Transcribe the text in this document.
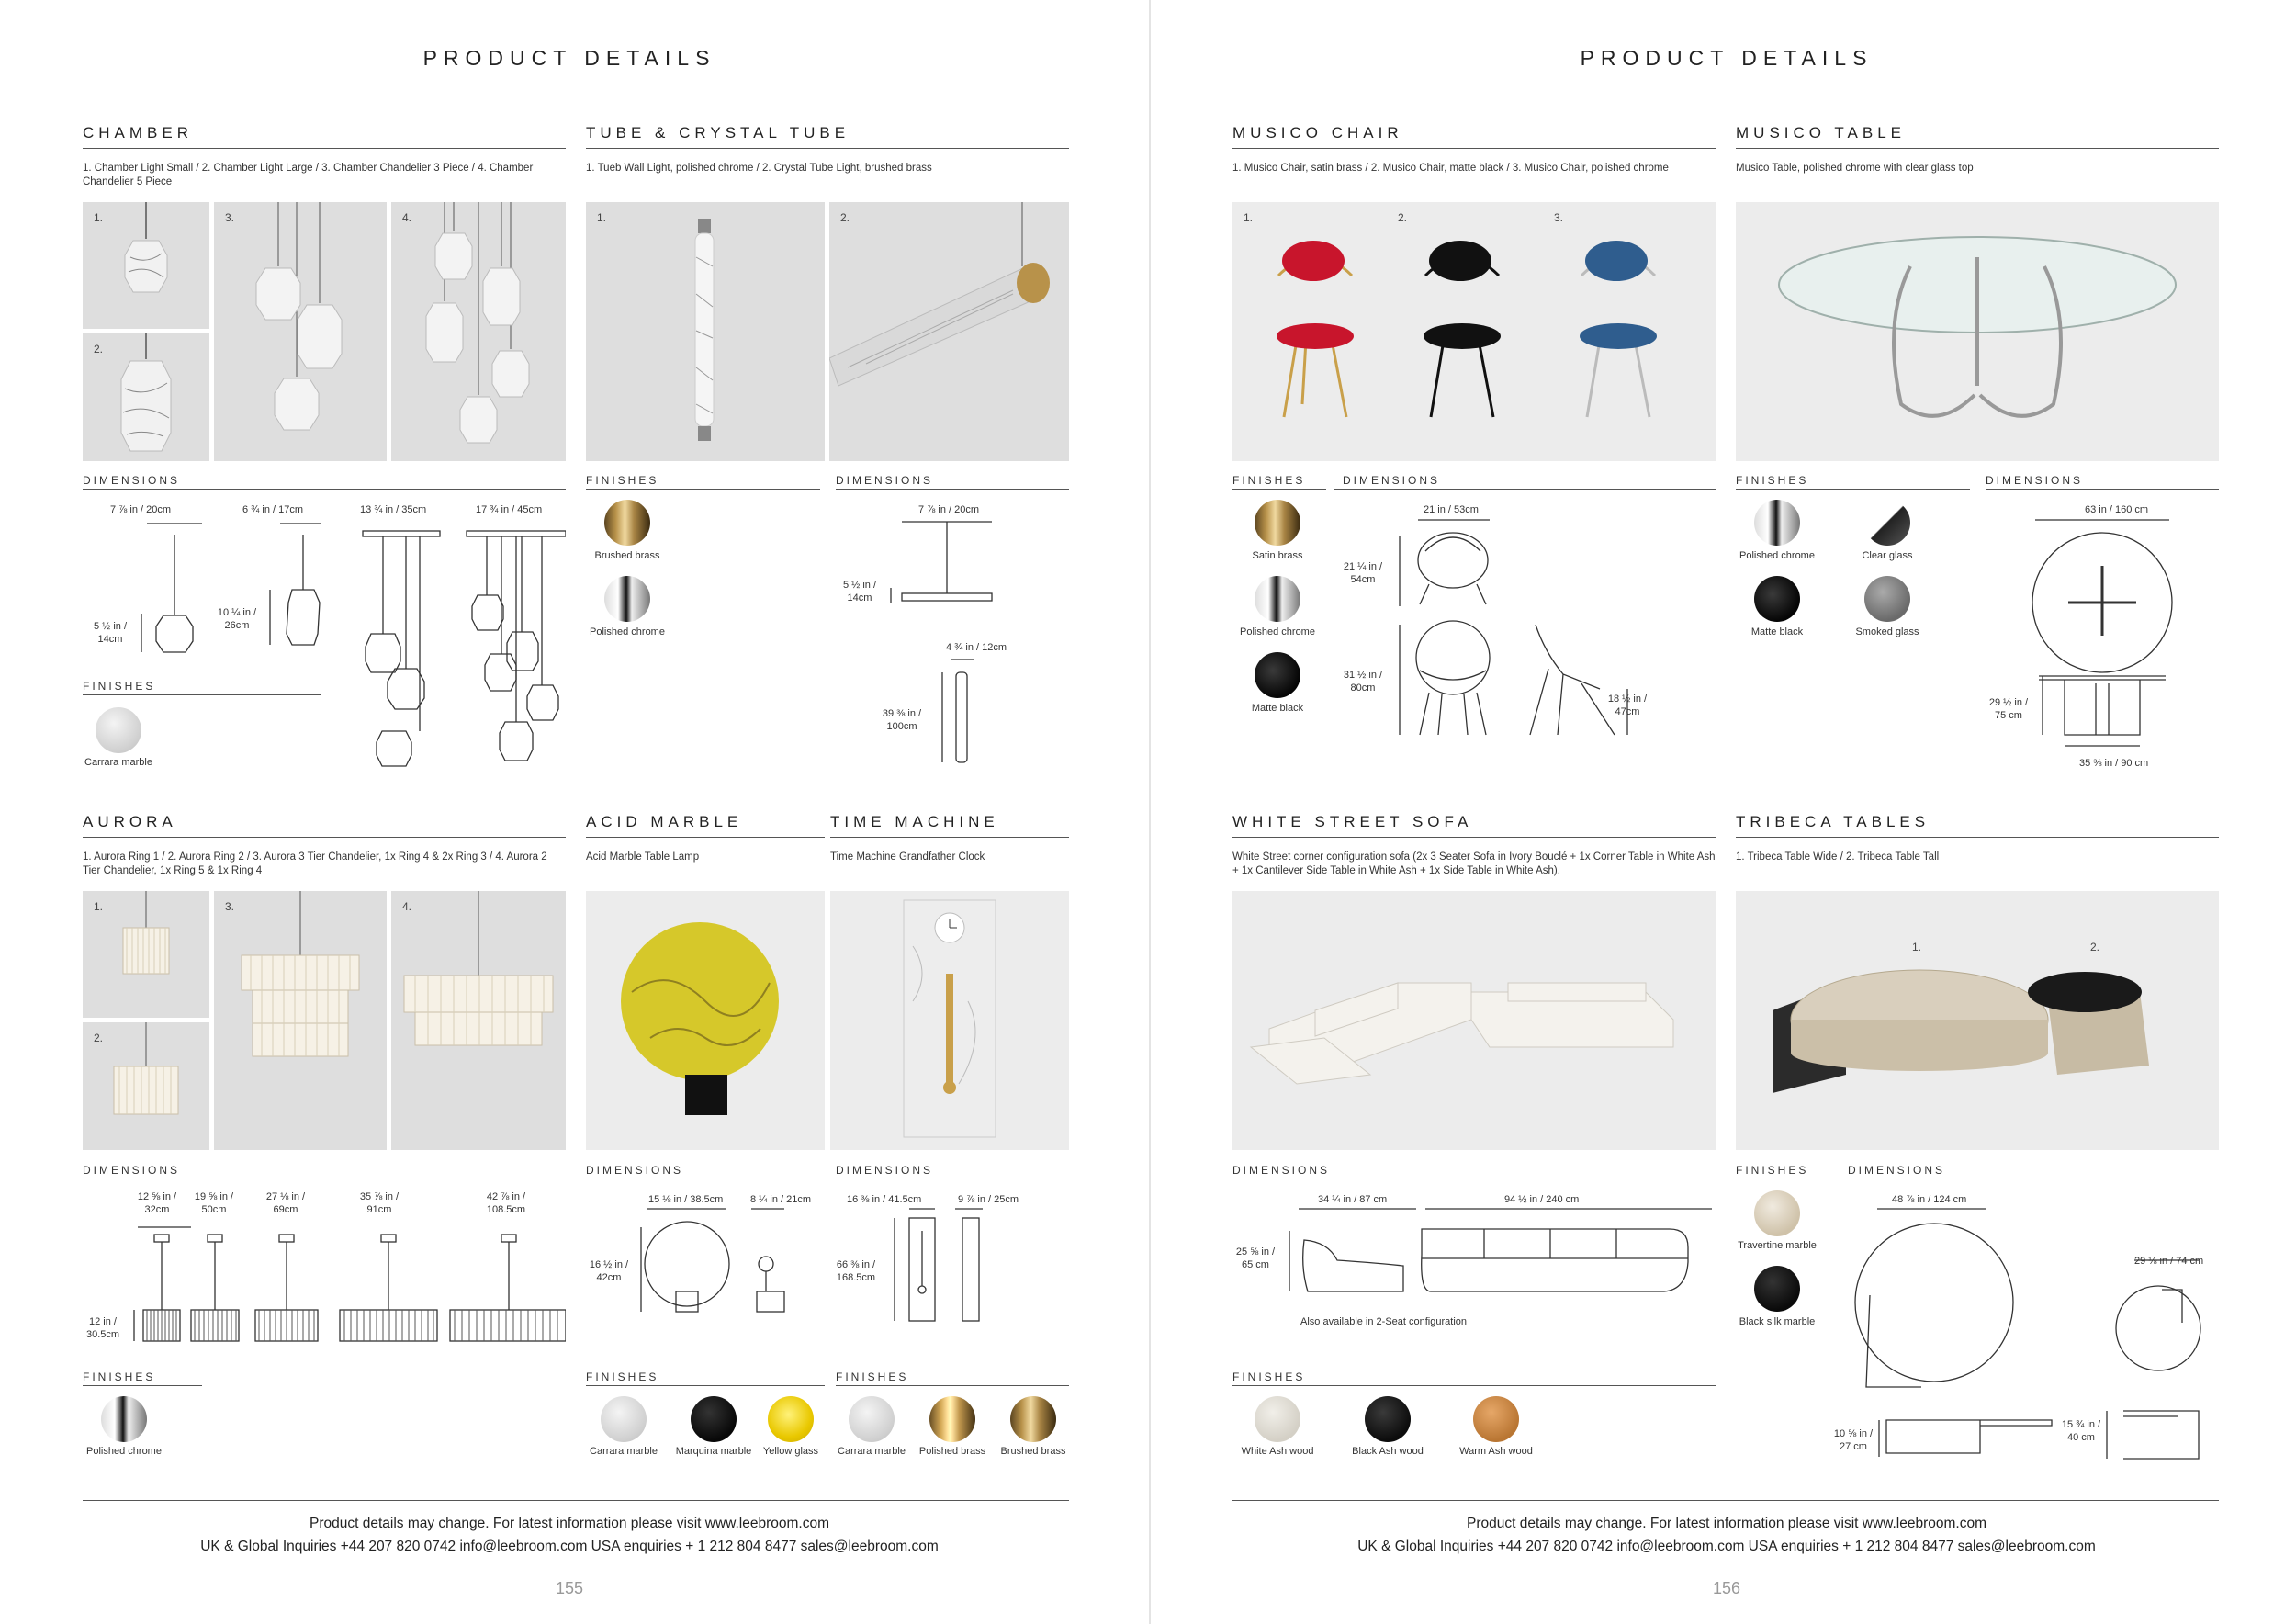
PRODUCT DETAILS
CHAMBER
1. Chamber Light Small / 2. Chamber Light Large / 3. Chamber Chandelier 3 Piece / 4. Chamber Chandelier 5 Piece
1.
2.
3.	4.
DIMENSIONS
7 ⅞ in / 20cm	6 ¾ in / 17cm	13 ¾ in / 35cm	17 ¾ in / 45cm
5 ½ in / 14cm
10 ¼ in / 26cm
FINISHES
Carrara marble
TUBE & CRYSTAL TUBE
1. Tueb Wall Light, polished chrome / 2. Crystal Tube Light, brushed brass
1.	2.
FINISHES
Brushed brass
Polished chrome
DIMENSIONS
7 ⅞ in / 20cm
5 ½ in / 14cm
4 ¾ in / 12cm
39 ⅜ in / 100cm
AURORA
1. Aurora Ring 1 / 2. Aurora Ring 2 / 3. Aurora 3 Tier Chandelier, 1x Ring 4 & 2x Ring 3 / 4. Aurora 2 Tier Chandelier, 1x Ring 5 & 1x Ring 4
1.
2.
3.	4.
DIMENSIONS
12 ⅝ in / 32cm
19 ⅝ in / 50cm
27 ⅛ in / 69cm
35 ⅞ in / 91cm
42 ⅞ in / 108.5cm
12 in / 30.5cm
FINISHES
Polished chrome
ACID MARBLE
Acid Marble Table Lamp
DIMENSIONS
15 ⅛ in / 38.5cm	8 ¼ in / 21cm
16 ½ in / 42cm
FINISHES
Carrara marble	Marquina marble	Yellow glass
TIME MACHINE
Time Machine Grandfather Clock
DIMENSIONS
16 ⅜ in / 41.5cm	9 ⅞ in / 25cm
66 ⅜ in / 168.5cm
FINISHES
Carrara marble	Polished brass	Brushed brass
Product details may change. For latest information please visit www.leebroom.com
UK & Global Inquiries +44 207 820 0742 info@leebroom.com USA enquiries + 1 212 804 8477 sales@leebroom.com
155
PRODUCT DETAILS
MUSICO CHAIR
1. Musico Chair, satin brass / 2. Musico Chair, matte black / 3. Musico Chair, polished chrome
1.	2.	3.
FINISHES
Satin brass
Polished chrome
Matte black
DIMENSIONS
21 in / 53cm
21 ¼ in / 54cm
31 ½ in / 80cm
18 ½ in / 47cm
MUSICO TABLE
Musico Table, polished chrome with clear glass top
FINISHES
Polished chrome	Clear glass
Matte black	Smoked glass
DIMENSIONS
63 in / 160 cm
29 ½ in / 75 cm
35 ⅜ in / 90 cm
WHITE STREET SOFA
White Street corner configuration sofa (2x 3 Seater Sofa in Ivory Bouclé + 1x Corner Table in White Ash + 1x Cantilever Side Table in White Ash + 1x Side Table in White Ash).
DIMENSIONS
34 ¼ in / 87 cm	94 ½ in / 240 cm
25 ⅝ in / 65 cm
Also available in 2-Seat configuration
FINISHES
White Ash wood	Black Ash wood	Warm Ash wood
TRIBECA TABLES
1. Tribeca Table Wide / 2. Tribeca Table Tall
1.	2.
FINISHES
Travertine marble
Black silk marble
DIMENSIONS
48 ⅞ in / 124 cm
29 ⅛ in / 74 cm
10 ⅝ in / 27 cm
15 ¾ in / 40 cm
Product details may change. For latest information please visit www.leebroom.com
UK & Global Inquiries +44 207 820 0742 info@leebroom.com USA enquiries + 1 212 804 8477 sales@leebroom.com
156
